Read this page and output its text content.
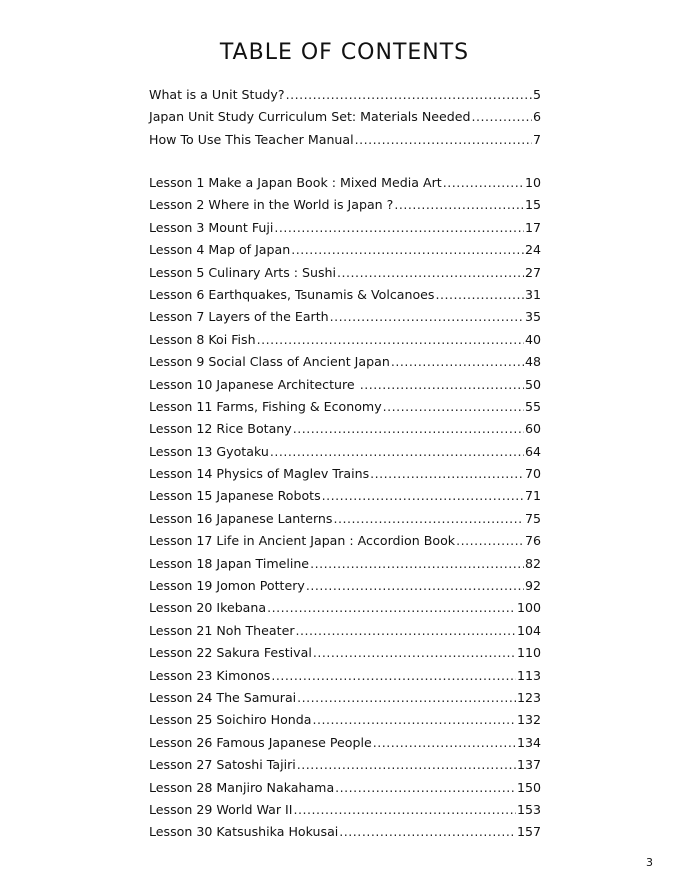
TABLE OF CONTENTS
What is a Unit Study? .....	5
Japan Unit Study Curriculum Set: Materials Needed .....	6
How To Use This Teacher Manual .....	7
Lesson 1 Make a Japan Book : Mixed Media Art .....	10
Lesson 2 Where in the World is Japan ? .....	15
Lesson 3 Mount Fuji .....	17
Lesson 4 Map of Japan .....	24
Lesson 5 Culinary Arts : Sushi .....	27
Lesson 6 Earthquakes, Tsunamis & Volcanoes .....	31
Lesson 7 Layers of the Earth .....	35
Lesson 8 Koi Fish .....	40
Lesson 9 Social Class of Ancient Japan .....	48
Lesson 10 Japanese Architecture .....	50
Lesson 11 Farms, Fishing & Economy .....	55
Lesson 12 Rice Botany .....	60
Lesson 13 Gyotaku .....	64
Lesson 14 Physics of Maglev Trains .....	70
Lesson 15 Japanese Robots .....	71
Lesson 16 Japanese Lanterns .....	75
Lesson 17 Life in Ancient Japan : Accordion Book .....	76
Lesson 18 Japan Timeline .....	82
Lesson 19 Jomon Pottery .....	92
Lesson 20 Ikebana .....	100
Lesson 21 Noh Theater .....	104
Lesson 22 Sakura Festival .....	110
Lesson 23 Kimonos .....	113
Lesson 24 The Samurai .....	123
Lesson 25 Soichiro Honda .....	132
Lesson 26 Famous Japanese People .....	134
Lesson 27 Satoshi Tajiri .....	137
Lesson 28 Manjiro Nakahama .....	150
Lesson 29 World War II .....	153
Lesson 30 Katsushika Hokusai .....	157
3
